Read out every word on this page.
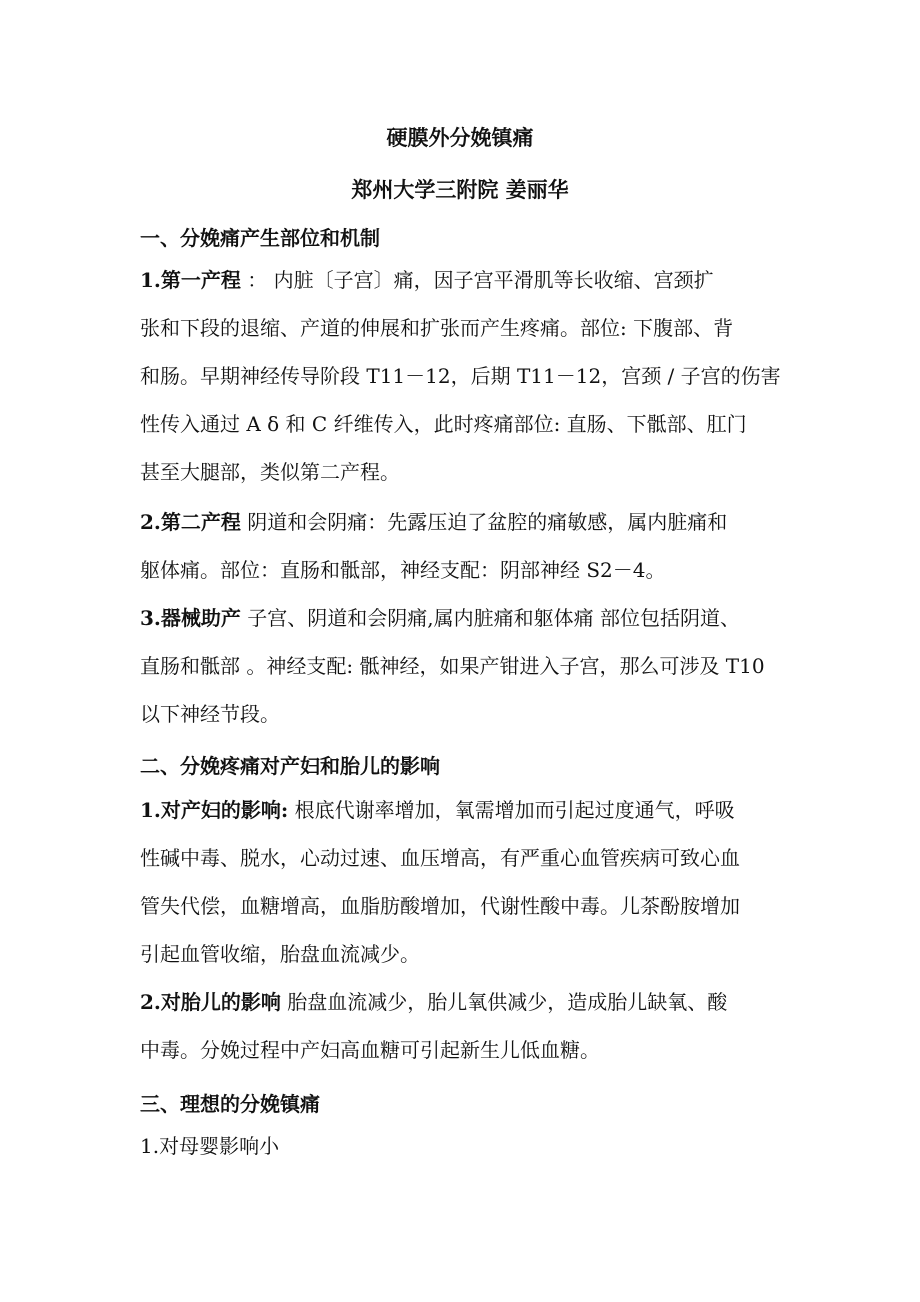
硬膜外分娩镇痛
郑州大学三附院 姜丽华
一、分娩痛产生部位和机制
1.第一产程 ： 内脏〔子宫〕痛，因子宫平滑肌等长收缩、宫颈扩
张和下段的退缩、产道的伸展和扩张而产生疼痛。部位: 下腹部、背
和肠。早期神经传导阶段 T11－12，后期 T11－12，宫颈 / 子宫的伤害
性传入通过 A δ 和 C 纤维传入，此时疼痛部位: 直肠、下骶部、肛门
甚至大腿部，类似第二产程。
2.第二产程 阴道和会阴痛：先露压迫了盆腔的痛敏感，属内脏痛和
躯体痛。部位：直肠和骶部，神经支配：阴部神经 S2－4。
3.器械助产 子宫、阴道和会阴痛,属内脏痛和躯体痛 部位包括阴道、
直肠和骶部 。神经支配: 骶神经，如果产钳进入子宫，那么可涉及 T10
以下神经节段。
二、分娩疼痛对产妇和胎儿的影响
1.对产妇的影响: 根底代谢率增加，氧需增加而引起过度通气，呼吸
性碱中毒、脱水，心动过速、血压增高，有严重心血管疾病可致心血
管失代偿，血糖增高，血脂肪酸增加，代谢性酸中毒。儿茶酚胺增加
引起血管收缩，胎盘血流减少。
2.对胎儿的影响 胎盘血流减少，胎儿氧供减少，造成胎儿缺氧、酸
中毒。分娩过程中产妇高血糖可引起新生儿低血糖。
三、理想的分娩镇痛
1.对母婴影响小
